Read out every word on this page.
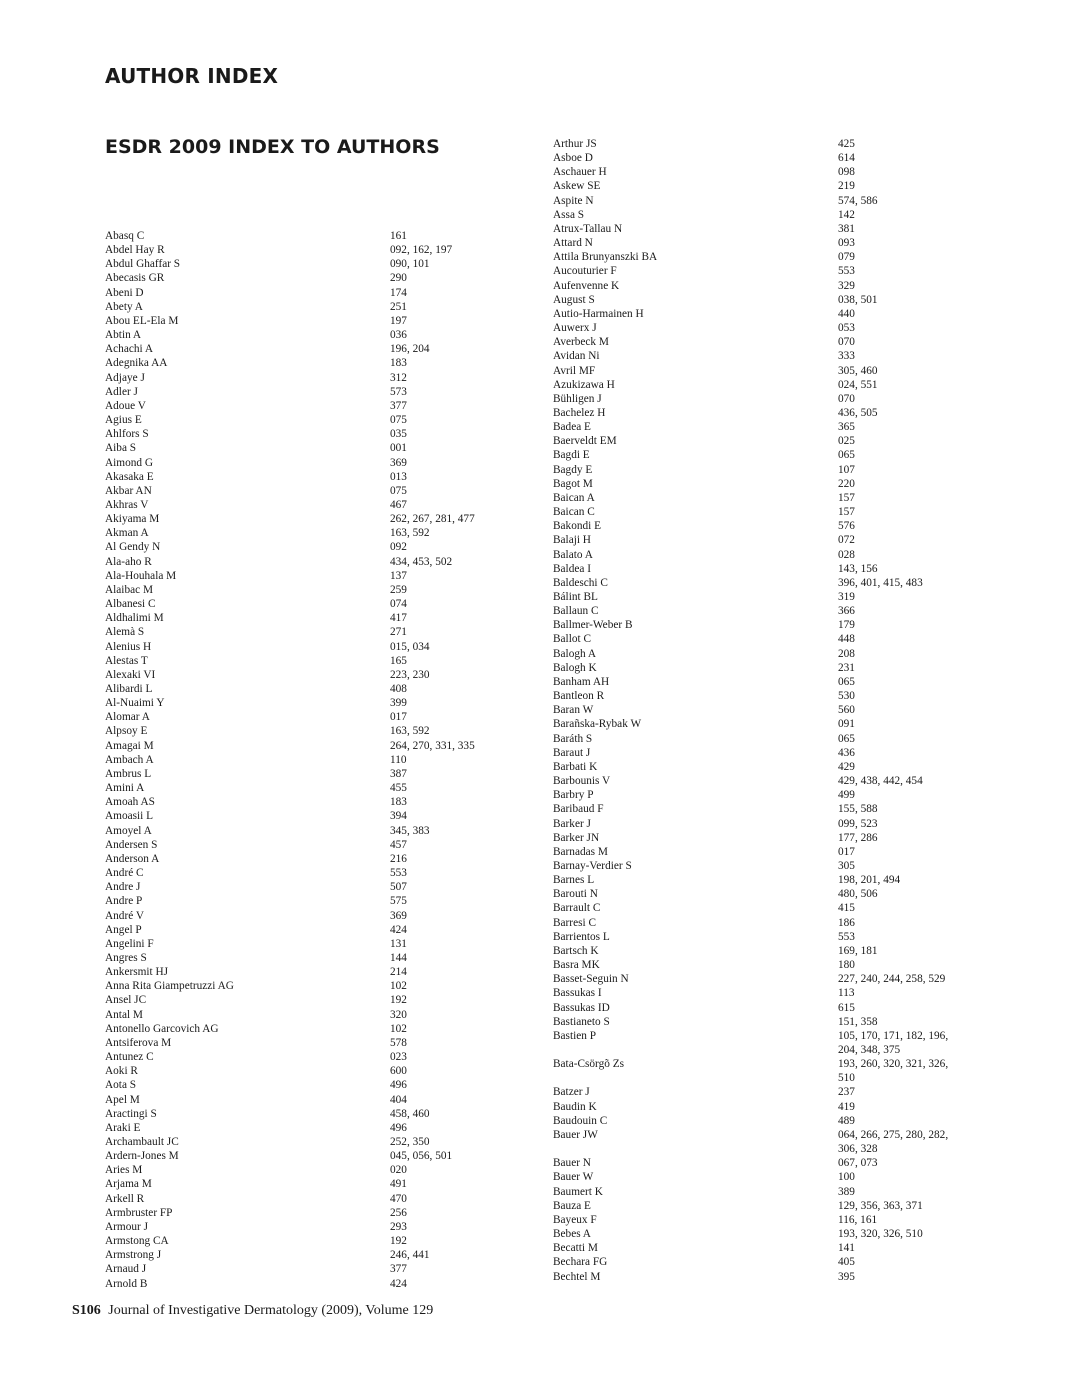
AUTHOR INDEX
ESDR 2009 INDEX TO AUTHORS
Abasq C	161
Abdel Hay R	092, 162, 197
Abdul Ghaffar S	090, 101
Abecasis GR	290
Abeni D	174
Abety A	251
Abou EL-Ela M	197
Abtin A	036
Achachi A	196, 204
Adegnika AA	183
Adjaye J	312
Adler J	573
Adoue V	377
Agius E	075
Ahlfors S	035
Aiba S	001
Aimond G	369
Akasaka E	013
Akbar AN	075
Akhras V	467
Akiyama M	262, 267, 281, 477
Akman A	163, 592
Al Gendy N	092
Ala-aho R	434, 453, 502
Ala-Houhala M	137
Alaibac M	259
Albanesi C	074
Aldhalimi M	417
Alemà S	271
Alenius H	015, 034
Alestas T	165
Alexaki VI	223, 230
Alibardi L	408
Al-Nuaimi Y	399
Alomar A	017
Alpsoy E	163, 592
Amagai M	264, 270, 331, 335
Ambach A	110
Ambrus L	387
Amini A	455
Amoah AS	183
Amoasii L	394
Amoyel A	345, 383
Andersen S	457
Anderson A	216
André C	553
Andre J	507
Andre P	575
André V	369
Angel P	424
Angelini F	131
Angres S	144
Ankersmit HJ	214
Anna Rita Giampetruzzi AG	102
Ansel JC	192
Antal M	320
Antonello Garcovich AG	102
Antsiferova M	578
Antunez C	023
Aoki R	600
Aota S	496
Apel M	404
Aractingi S	458, 460
Araki E	496
Archambault JC	252, 350
Ardern-Jones M	045, 056, 501
Aries M	020
Arjama M	491
Arkell R	470
Armbruster FP	256
Armour J	293
Armstong CA	192
Armstrong J	246, 441
Arnaud J	377
Arnold B	424
Arthur JS	425
Asboe D	614
Aschauer H	098
Askew SE	219
Aspite N	574, 586
Assa S	142
Atrux-Tallau N	381
Attard N	093
Attila Brunyanszki BA	079
Aucouturier F	553
Aufenvenne K	329
August S	038, 501
Autio-Harmainen H	440
Auwerx J	053
Averbeck M	070
Avidan Ni	333
Avril MF	305, 460
Azukizawa H	024, 551
Bühligen J	070
Bachelez H	436, 505
Badea E	365
Baerveldt EM	025
Bagdi E	065
Bagdy E	107
Bagot M	220
Baican A	157
Baican C	157
Bakondi E	576
Balaji H	072
Balato A	028
Baldea I	143, 156
Baldeschi C	396, 401, 415, 483
Bálint BL	319
Ballaun C	366
Ballmer-Weber B	179
Ballot C	448
Balogh A	208
Balogh K	231
Banham AH	065
Bantleon R	530
Baran W	560
Barañska-Rybak W	091
Baráth S	065
Baraut J	436
Barbati K	429
Barbounis V	429, 438, 442, 454
Barbry P	499
Baribaud F	155, 588
Barker J	099, 523
Barker JN	177, 286
Barnadas M	017
Barnay-Verdier S	305
Barnes L	198, 201, 494
Barouti N	480, 506
Barrault C	415
Barresi C	186
Barrientos L	553
Bartsch K	169, 181
Basra MK	180
Basset-Seguin N	227, 240, 244, 258, 529
Bassukas I	113
Bassukas ID	615
Bastianeto S	151, 358
Bastien P	105, 170, 171, 182, 196,
204, 348, 375
Bata-Csörgõ Zs	193, 260, 320, 321, 326,
510
Batzer J	237
Baudin K	419
Baudouin C	489
Bauer JW	064, 266, 275, 280, 282,
306, 328
Bauer N	067, 073
Bauer W	100
Baumert K	389
Bauza E	129, 356, 363, 371
Bayeux F	116, 161
Bebes A	193, 320, 326, 510
Becatti M	141
Bechara FG	405
Bechtel M	395
S106 Journal of Investigative Dermatology (2009), Volume 129
